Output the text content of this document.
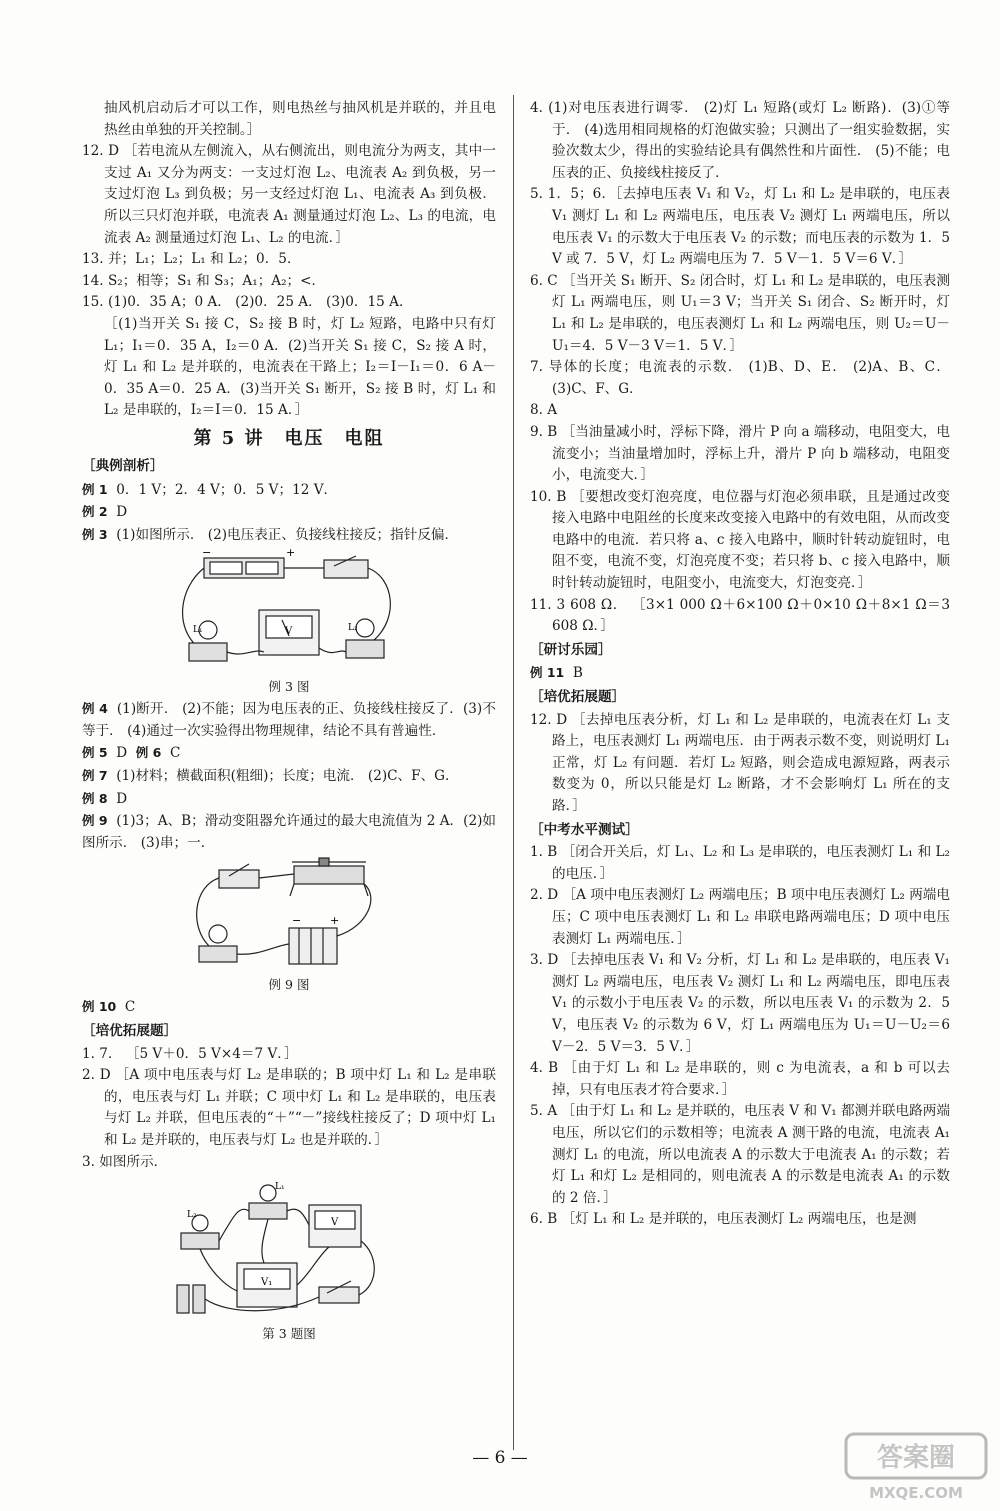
抽风机启动后才可以工作，则电热丝与抽风机是并联的，并且电热丝由单独的开关控制。］

12. D ［若电流从左侧流入，从右侧流出，则电流分为两支，其中一支过 A₁ 又分为两支：一支过灯泡 L₂、电流表 A₂ 到负极，另一支过灯泡 L₃ 到负极；另一支经过灯泡 L₁、电流表 A₃ 到负极．所以三只灯泡并联，电流表 A₁ 测量通过灯泡 L₂、L₃ 的电流，电流表 A₂ 测量通过灯泡 L₁、L₂ 的电流．］

13. 并；L₁；L₂；L₁ 和 L₂；0．5．

14. S₂；相等；S₁ 和 S₃；A₁；A₂；<．

15. (1)0．35 A；0 A． (2)0．25 A． (3)0．15 A．

［(1)当开关 S₁ 接 C，S₂ 接 B 时，灯 L₂ 短路，电路中只有灯 L₁；I₁＝0．35 A，I₂＝0 A．(2)当开关 S₁ 接 C，S₂ 接 A 时，灯 L₁ 和 L₂ 是并联的，电流表在干路上；I₂＝I－I₁＝0．6 A－0．35 A＝0．25 A．(3)当开关 S₁ 断开，S₂ 接 B 时，灯 L₁ 和 L₂ 是串联的，I₂＝I＝0．15 A．］

第 5 讲　电压　电阻
［典例剖析］

例 1 0．1 V；2．4 V；0．5 V；12 V．

例 2 D

例 3 (1)如图所示． (2)电压表正、负接线柱接反；指针反偏．

−	+
L₁	L₂
V
例 3 图

例 4 (1)断开． (2)不能；因为电压表的正、负接线柱接反了．(3)不等于． (4)通过一次实验得出物理规律，结论不具有普遍性．

例 5 D 例 6 C

例 7 (1)材料；横截面积(粗细)；长度；电流． (2)C、F、G．

例 8 D

例 9 (1)3；A、B；滑动变阻器允许通过的最大电流值为 2 A．(2)如图所示． (3)串；一．

−	+
例 9 图

例 10 C

［培优拓展题］

1. 7． ［5 V＋0．5 V×4＝7 V．］

2. D ［A 项中电压表与灯 L₂ 是串联的；B 项中灯 L₁ 和 L₂ 是串联的，电压表与灯 L₁ 并联；C 项中灯 L₁ 和 L₂ 是串联的，电压表与灯 L₂ 并联，但电压表的“＋”“－”接线柱接反了；D 项中灯 L₁ 和 L₂ 是并联的，电压表与灯 L₂ 也是并联的．］

3. 如图所示．

L₁
L₂
V
V₁
第 3 题图

4. (1)对电压表进行调零． (2)灯 L₁ 短路(或灯 L₂ 断路)．(3)①等于． (4)选用相同规格的灯泡做实验；只测出了一组实验数据，实验次数太少，得出的实验结论具有偶然性和片面性． (5)不能；电压表的正、负接线柱接反了．

5. 1．5；6．［去掉电压表 V₁ 和 V₂，灯 L₁ 和 L₂ 是串联的，电压表 V₁ 测灯 L₁ 和 L₂ 两端电压，电压表 V₂ 测灯 L₁ 两端电压，所以电压表 V₁ 的示数大于电压表 V₂ 的示数；而电压表的示数为 1．5 V 或 7．5 V，灯 L₂ 两端电压为 7．5 V－1．5 V＝6 V．］

6. C ［当开关 S₁ 断开、S₂ 闭合时，灯 L₁ 和 L₂ 是串联的，电压表测灯 L₁ 两端电压，则 U₁＝3 V；当开关 S₁ 闭合、S₂ 断开时，灯 L₁ 和 L₂ 是串联的，电压表测灯 L₁ 和 L₂ 两端电压，则 U₂＝U－U₁＝4．5 V－3 V＝1．5 V．］

7. 导体的长度；电流表的示数． (1)B、D、E． (2)A、B、C．(3)C、F、G．

8. A

9. B ［当油量减小时，浮标下降，滑片 P 向 a 端移动，电阻变大，电流变小；当油量增加时，浮标上升，滑片 P 向 b 端移动，电阻变小，电流变大．］

10. B ［要想改变灯泡亮度，电位器与灯泡必须串联，且是通过改变接入电路中电阻丝的长度来改变接入电路中的有效电阻，从而改变电路中的电流．若只将 a、c 接入电路中，顺时针转动旋钮时，电阻不变，电流不变，灯泡亮度不变；若只将 b、c 接入电路中，顺时针转动旋钮时，电阻变小，电流变大，灯泡变亮．］

11. 3 608 Ω． ［3×1 000 Ω＋6×100 Ω＋0×10 Ω＋8×1 Ω＝3 608 Ω．］

［研讨乐园］

例 11 B

［培优拓展题］

12. D ［去掉电压表分析，灯 L₁ 和 L₂ 是串联的，电流表在灯 L₁ 支路上，电压表测灯 L₁ 两端电压．由于两表示数不变，则说明灯 L₁ 正常，灯 L₂ 有问题．若灯 L₂ 短路，则会造成电源短路，两表示数变为 0，所以只能是灯 L₂ 断路，才不会影响灯 L₁ 所在的支路．］

［中考水平测试］

1. B ［闭合开关后，灯 L₁、L₂ 和 L₃ 是串联的，电压表测灯 L₁ 和 L₂ 的电压．］

2. D ［A 项中电压表测灯 L₂ 两端电压；B 项中电压表测灯 L₂ 两端电压；C 项中电压表测灯 L₁ 和 L₂ 串联电路两端电压；D 项中电压表测灯 L₁ 两端电压．］

3. D ［去掉电压表 V₁ 和 V₂ 分析，灯 L₁ 和 L₂ 是串联的，电压表 V₁ 测灯 L₂ 两端电压，电压表 V₂ 测灯 L₁ 和 L₂ 两端电压，即电压表 V₁ 的示数小于电压表 V₂ 的示数，所以电压表 V₁ 的示数为 2．5 V，电压表 V₂ 的示数为 6 V，灯 L₁ 两端电压为 U₁＝U－U₂＝6 V－2．5 V＝3．5 V．］

4. B ［由于灯 L₁ 和 L₂ 是串联的，则 c 为电流表，a 和 b 可以去掉，只有电压表才符合要求．］

5. A ［由于灯 L₁ 和 L₂ 是并联的，电压表 V 和 V₁ 都测并联电路两端电压，所以它们的示数相等；电流表 A 测干路的电流，电流表 A₁ 测灯 L₁ 的电流，所以电流表 A 的示数大于电流表 A₁ 的示数；若灯 L₁ 和灯 L₂ 是相同的，则电流表 A 的示数是电流表 A₁ 的示数的 2 倍．］

6. B ［灯 L₁ 和 L₂ 是并联的，电压表测灯 L₂ 两端电压，也是测

— 6 —	答案圈
MXQE.COM
